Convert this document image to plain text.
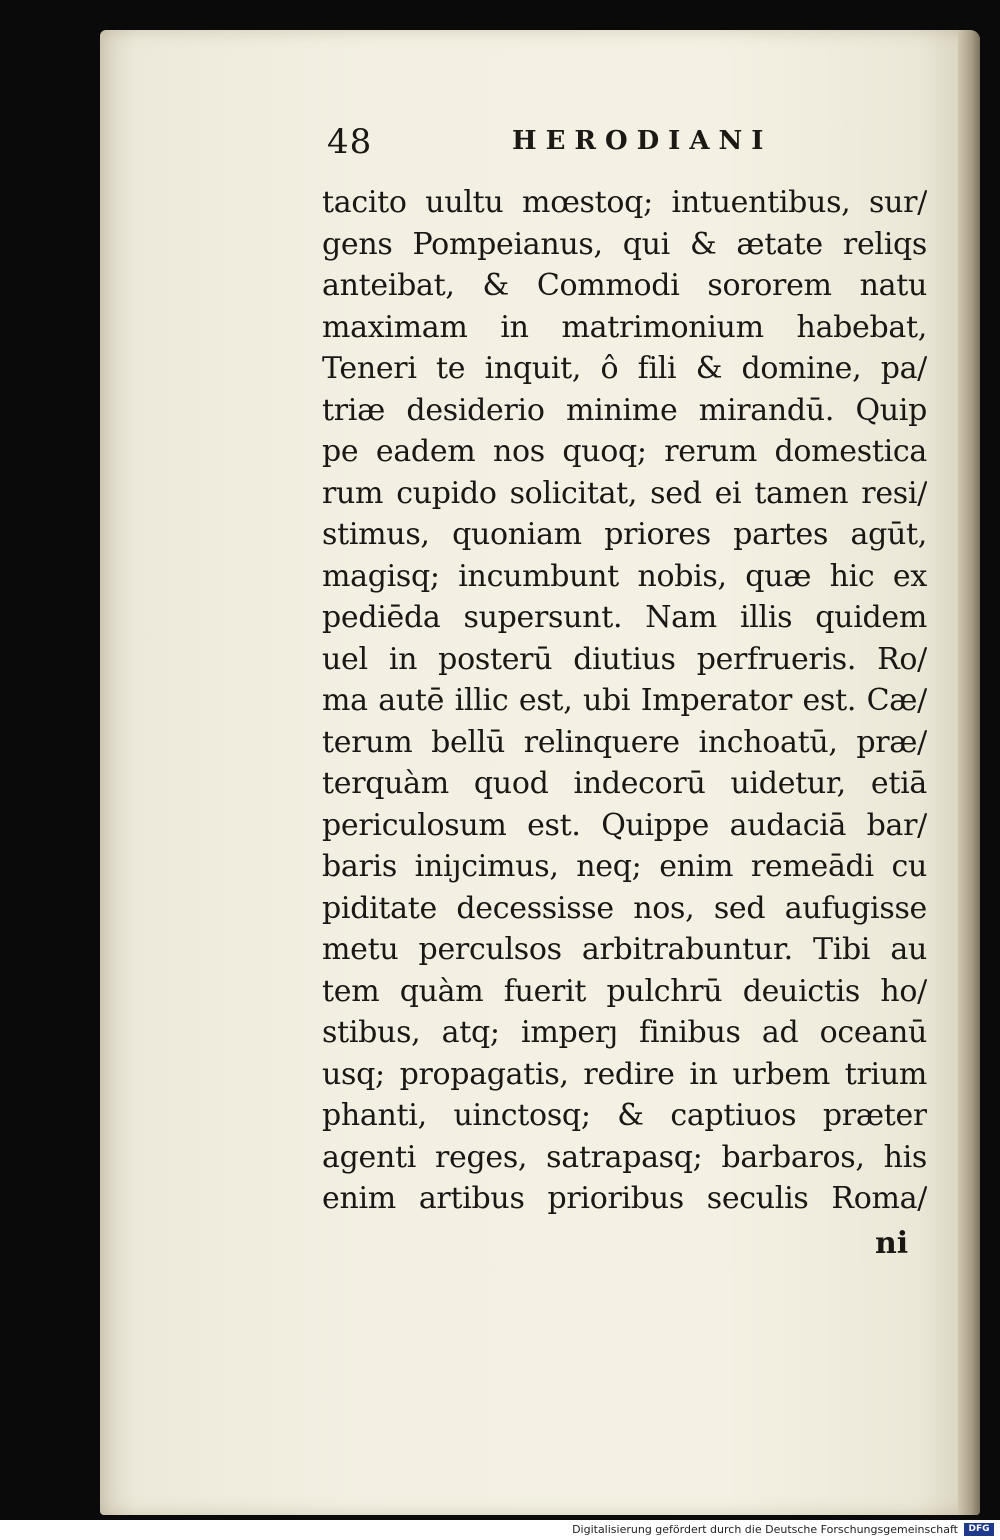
48	HERODIANI
tacito uultu mœstoq; intuentibus, sur/
gens Pompeianus, qui & ætate reliqs
anteibat, & Commodi sororem natu
maximam in matrimonium habebat,
Teneri te inquit, ô fili & domine, pa/
triæ desiderio minime mirandū. Quip
pe eadem nos quoq; rerum domestica
rum cupido solicitat, sed ei tamen resi/
stimus, quoniam priores partes agūt,
magisq; incumbunt nobis, quæ hic ex
pediēda supersunt. Nam illis quidem
uel in posterū diutius perfrueris. Ro/
ma autē illic est, ubi Imperator est. Cæ/
terum bellū relinquere inchoatū, præ/
terquàm quod indecorū uidetur, etiā
periculosum est. Quippe audaciā bar/
baris iniȷcimus, neq; enim remeādi cu
piditate decessisse nos, sed aufugisse
metu perculsos arbitrabuntur. Tibi au
tem quàm fuerit pulchrū deuictis ho/
stibus, atq; imperȷ finibus ad oceanū
usq; propagatis, redire in urbem trium
phanti, uinctosq; & captiuos præter
agenti reges, satrapasq; barbaros, his
enim artibus prioribus seculis Roma/
ni
Digitalisierung gefördert durch die Deutsche Forschungsgemeinschaft	DFG
